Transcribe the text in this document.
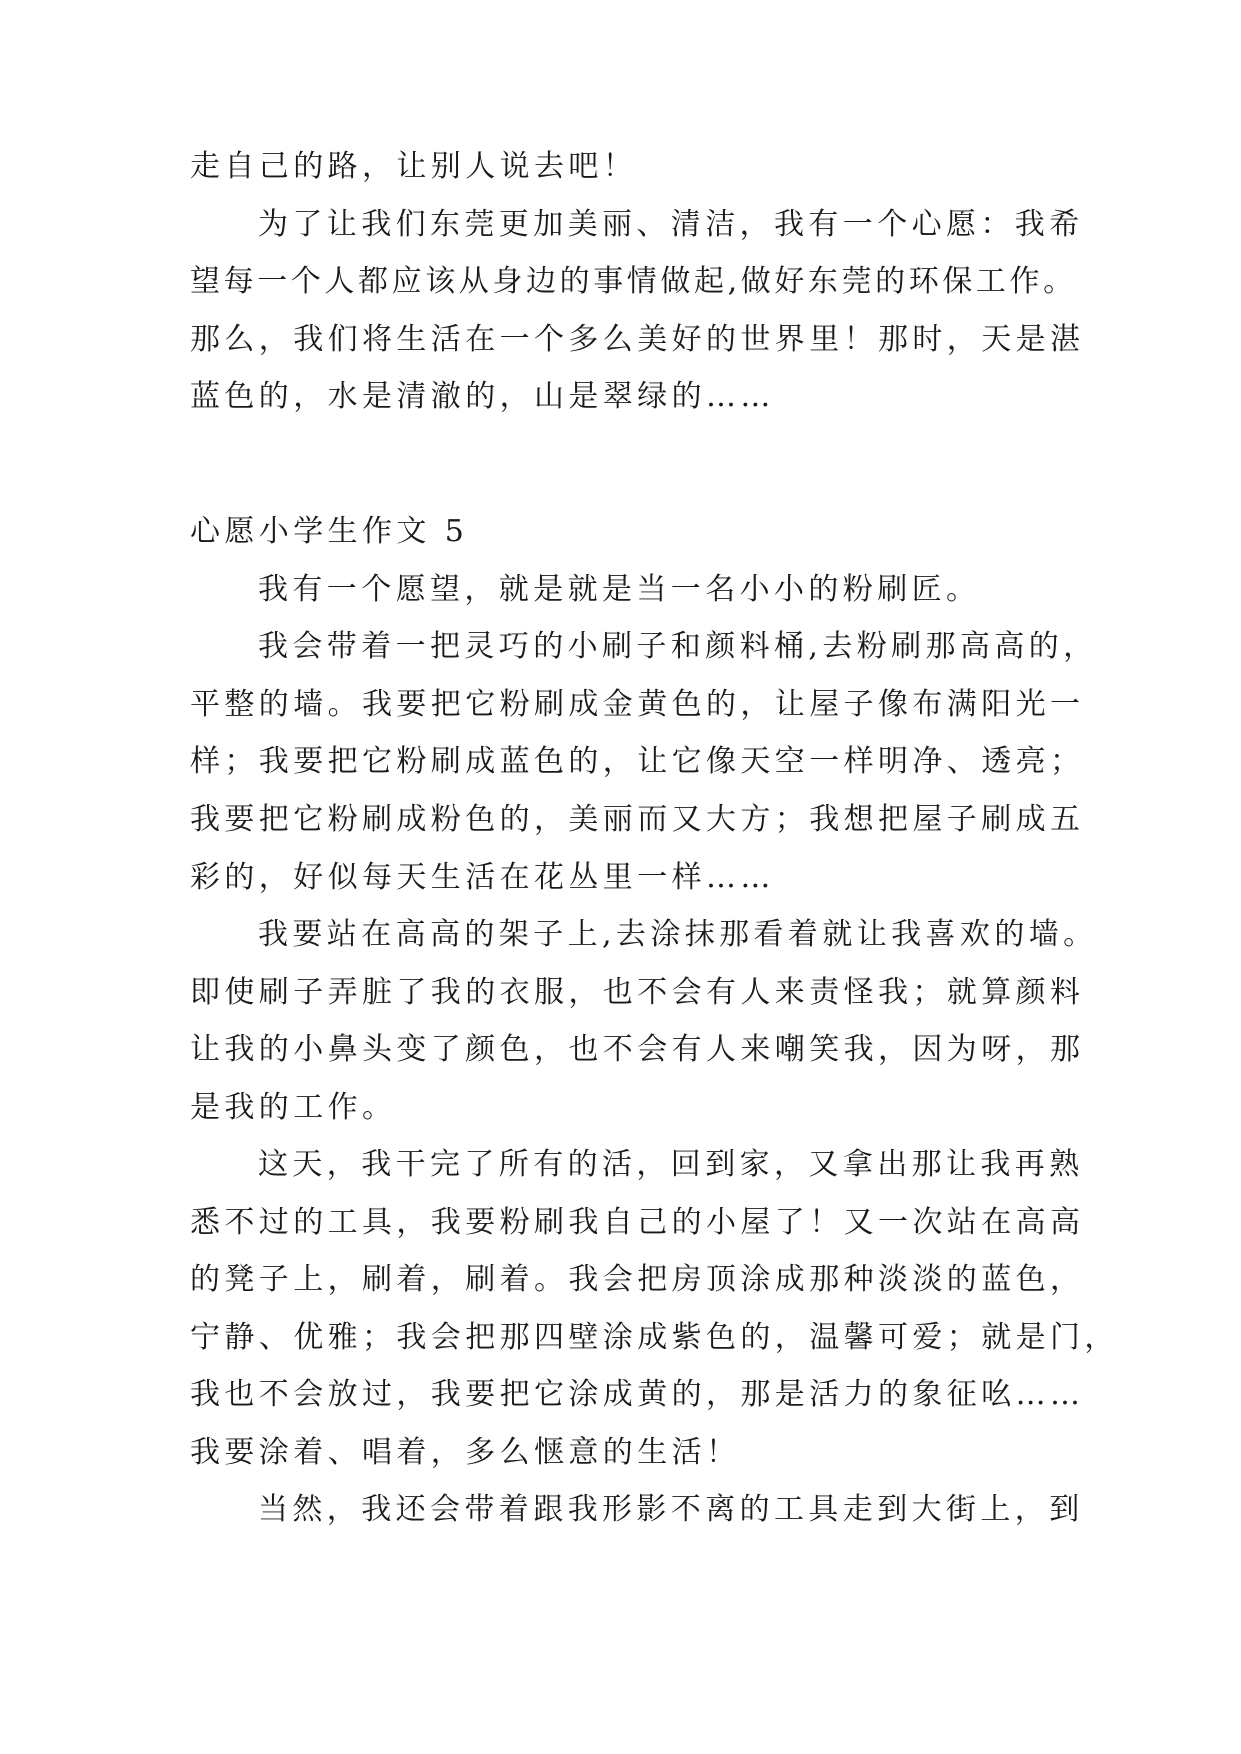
走自己的路，让别人说去吧！
为了让我们东莞更加美丽、清洁，我有一个心愿：我希
望每一个人都应该从身边的事情做起,做好东莞的环保工作。
那么，我们将生活在一个多么美好的世界里！那时，天是湛
蓝色的，水是清澈的，山是翠绿的……
心愿小学生作文 5
我有一个愿望，就是就是当一名小小的粉刷匠。
我会带着一把灵巧的小刷子和颜料桶,去粉刷那高高的，
平整的墙。我要把它粉刷成金黄色的，让屋子像布满阳光一
样；我要把它粉刷成蓝色的，让它像天空一样明净、透亮；
我要把它粉刷成粉色的，美丽而又大方；我想把屋子刷成五
彩的，好似每天生活在花丛里一样……
我要站在高高的架子上,去涂抹那看着就让我喜欢的墙。
即使刷子弄脏了我的衣服，也不会有人来责怪我；就算颜料
让我的小鼻头变了颜色，也不会有人来嘲笑我，因为呀，那
是我的工作。
这天，我干完了所有的活，回到家，又拿出那让我再熟
悉不过的工具，我要粉刷我自己的小屋了！又一次站在高高
的凳子上，刷着，刷着。我会把房顶涂成那种淡淡的蓝色，
宁静、优雅；我会把那四壁涂成紫色的，温馨可爱；就是门，
我也不会放过，我要把它涂成黄的，那是活力的象征吆……
我要涂着、唱着，多么惬意的生活！
当然，我还会带着跟我形影不离的工具走到大街上，到
